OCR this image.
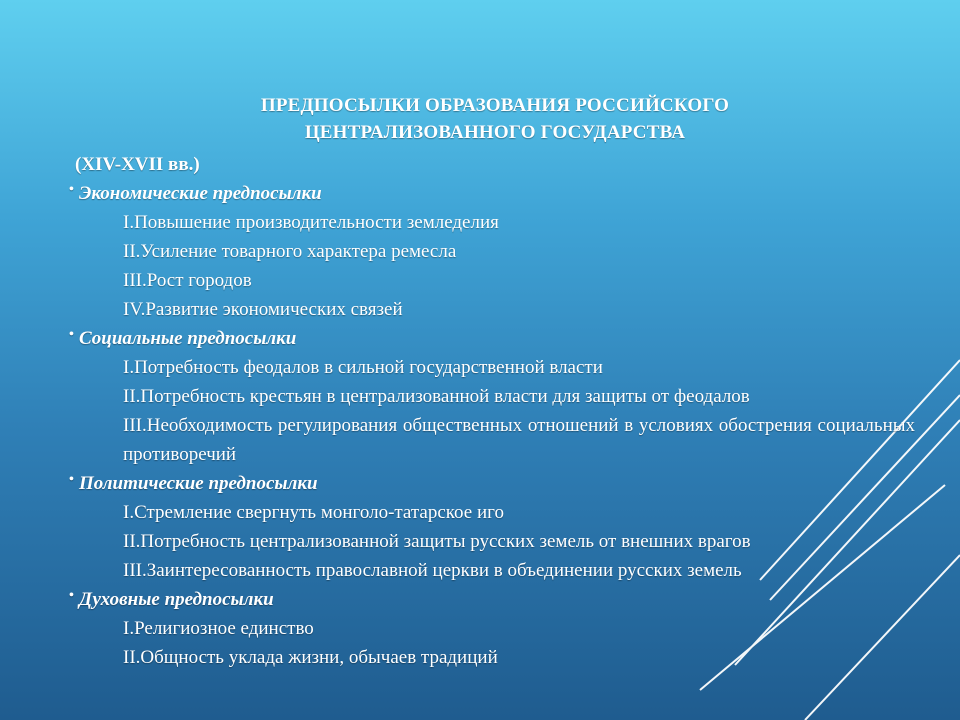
ПРЕДПОСЫЛКИ ОБРАЗОВАНИЯ РОССИЙСКОГО
ЦЕНТРАЛИЗОВАННОГО ГОСУДАРСТВА
(XIV-XVII вв.)
• Экономические предпосылки
I.Повышение производительности земледелия
II.Усиление товарного характера ремесла
III.Рост городов
IV.Развитие экономических связей
• Социальные предпосылки
I.Потребность феодалов в сильной государственной власти
II.Потребность крестьян в централизованной власти для защиты от феодалов
III.Необходимость регулирования общественных отношений в условиях обострения социальных противоречий
• Политические предпосылки
I.Стремление свергнуть монголо-татарское иго
II.Потребность централизованной защиты русских земель от внешних врагов
III.Заинтересованность православной церкви в объединении русских земель
• Духовные предпосылки
I.Религиозное единство
II.Общность уклада жизни, обычаев традиций
